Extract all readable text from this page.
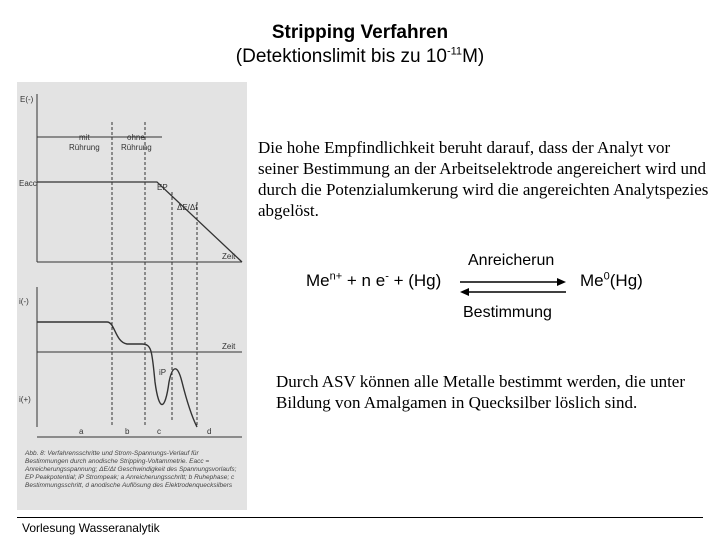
Stripping Verfahren
(Detektionslimit bis zu $10^{-11}M$)
E(-)
Eacc
i(-)
i(+)
mit
Rührung
ohne
Rührung
EP
ΔE/Δt
Zeit
Zeit
iP
a	b	c	d
Abb. 8: Verfahrensschritte und Strom-Spannungs-Verlauf für Bestimmungen durch anodische Stripping-Voltammetrie. Eacc = Anreicherungsspannung; ΔE/Δt Geschwindigkeit des Spannungsvorlaufs; EP Peakpotential; iP Strompeak; a Anreicherungsschritt; b Ruhephase; c Bestimmungsschritt, d anodische Auflösung des Elektrodenquecksilbers
Die hohe Empfindlichkeit beruht darauf, dass der Analyt vor seiner Bestimmung an der Arbeitselektrode angereichert wird und durch die Potenzialumkerung wird die angereichten Analytspezies abgelöst.
Anreicherun
$Me^{n+} + n$ e- + (Hg)	Me$^0$(Hg)
Bestimmung
Durch ASV können alle Metalle bestimmt werden, die unter Bildung von Amalgamen in Quecksilber löslich sind.
Vorlesung Wasseranalytik
